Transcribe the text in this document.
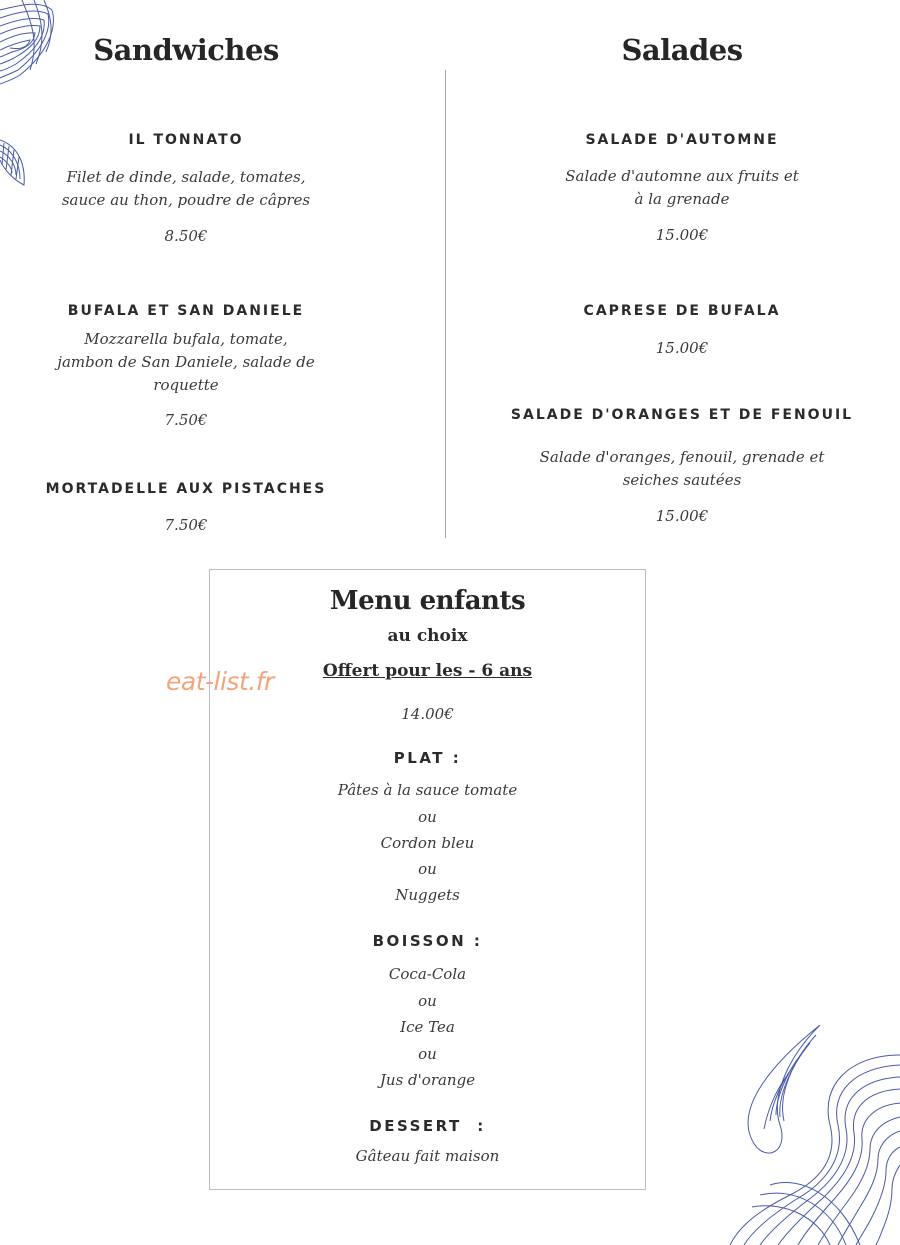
Sandwiches
IL TONNATO
Filet de dinde, salade, tomates,
sauce au thon, poudre de câpres
8.50€
BUFALA ET SAN DANIELE
Mozzarella bufala, tomate,
jambon de San Daniele, salade de
roquette
7.50€
MORTADELLE AUX PISTACHES
7.50€
Salades
SALADE D'AUTOMNE
Salade d'automne aux fruits et
à la grenade
15.00€
CAPRESE DE BUFALA
15.00€
SALADE D'ORANGES ET DE FENOUIL
Salade d'oranges, fenouil, grenade et
seiches sautées
15.00€
Menu enfants
au choix
Offert pour les - 6 ans
14.00€
PLAT :
Pâtes à la sauce tomate
ou
Cordon bleu
ou
Nuggets
BOISSON :
Coca-Cola
ou
Ice Tea
ou
Jus d'orange
DESSERT  :
Gâteau fait maison
eat-list.fr
